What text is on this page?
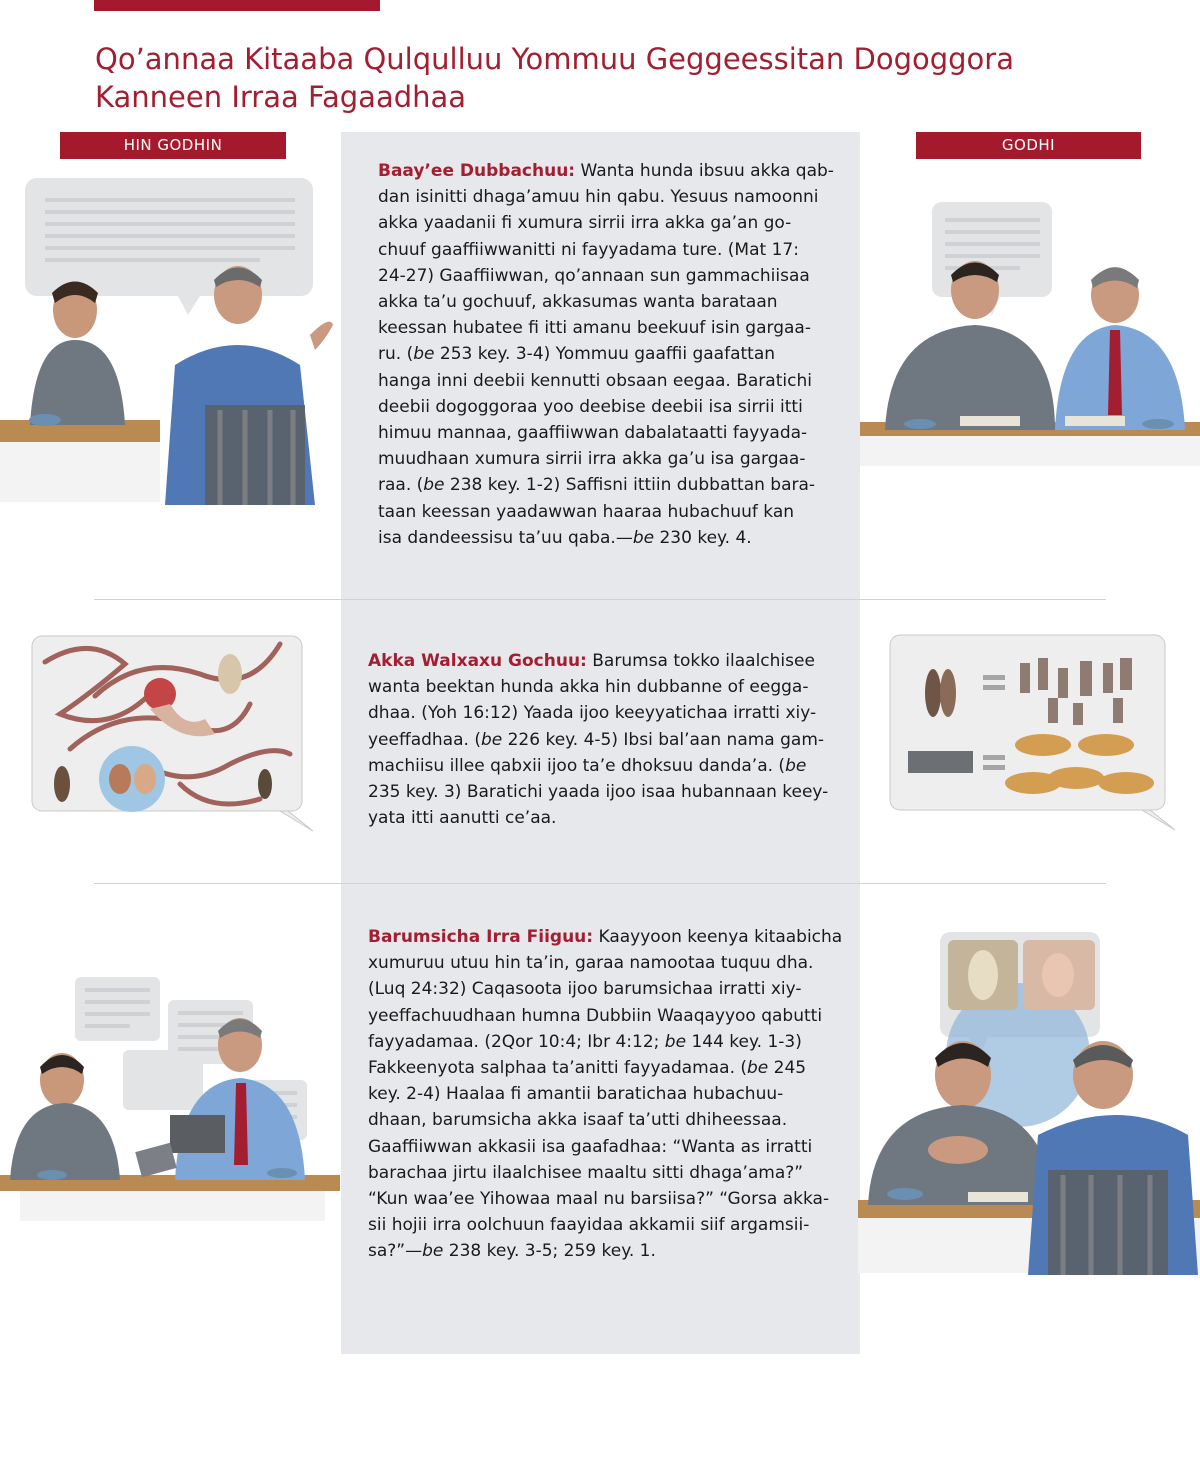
Qo’annaa Kitaaba Qulqulluu Yommuu Geggeessitan Dogoggora
Kanneen Irraa Fagaadhaa
HIN GODHIN	GODHI
Baay’ee Dubbachuu: Wanta hunda ibsuu akka qab-
dan isinitti dhaga’amuu hin qabu. Yesuus namoonni
akka yaadanii fi xumura sirrii irra akka ga’an go-
chuuf gaaffiiwwanitti ni fayyadama ture. (Mat 17:
24-27) Gaaffiiwwan, qo’annaan sun gammachiisaa
akka ta’u gochuuf, akkasumas wanta barataan
keessan hubatee fi itti amanu beekuuf isin gargaa-
ru. (be 253 key. 3-4) Yommuu gaaffii gaafattan
hanga inni deebii kennutti obsaan eegaa. Baratichi
deebii dogoggoraa yoo deebise deebii isa sirrii itti
himuu mannaa, gaaffiiwwan dabalataatti fayyada-
muudhaan xumura sirrii irra akka ga’u isa gargaa-
raa. (be 238 key. 1-2) Saffisni ittiin dubbattan bara-
taan keessan yaadawwan haaraa hubachuuf kan
isa dandeessisu ta’uu qaba.—be 230 key. 4.
Akka Walxaxu Gochuu: Barumsa tokko ilaalchisee
wanta beektan hunda akka hin dubbanne of eegga-
dhaa. (Yoh 16:12) Yaada ijoo keeyyatichaa irratti xiy-
yeeffadhaa. (be 226 key. 4-5) Ibsi bal’aan nama gam-
machiisu illee qabxii ijoo ta’e dhoksuu danda’a. (be
235 key. 3) Baratichi yaada ijoo isaa hubannaan keey-
yata itti aanutti ce’aa.
Barumsicha Irra Fiiguu: Kaayyoon keenya kitaabicha
xumuruu utuu hin ta’in, garaa namootaa tuquu dha.
(Luq 24:32) Caqasoota ijoo barumsichaa irratti xiy-
yeeffachuudhaan humna Dubbiin Waaqayyoo qabutti
fayyadamaa. (2Qor 10:4; Ibr 4:12; be 144 key. 1-3)
Fakkeenyota salphaa ta’anitti fayyadamaa. (be 245
key. 2-4) Haalaa fi amantii baratichaa hubachuu-
dhaan, barumsicha akka isaaf ta’utti dhiheessaa.
Gaaffiiwwan akkasii isa gaafadhaa: “Wanta as irratti
barachaa jirtu ilaalchisee maaltu sitti dhaga’ama?”
“Kun waa’ee Yihowaa maal nu barsiisa?” “Gorsa akka-
sii hojii irra oolchuun faayidaa akkamii siif argamsii-
sa?”—be 238 key. 3-5; 259 key. 1.
